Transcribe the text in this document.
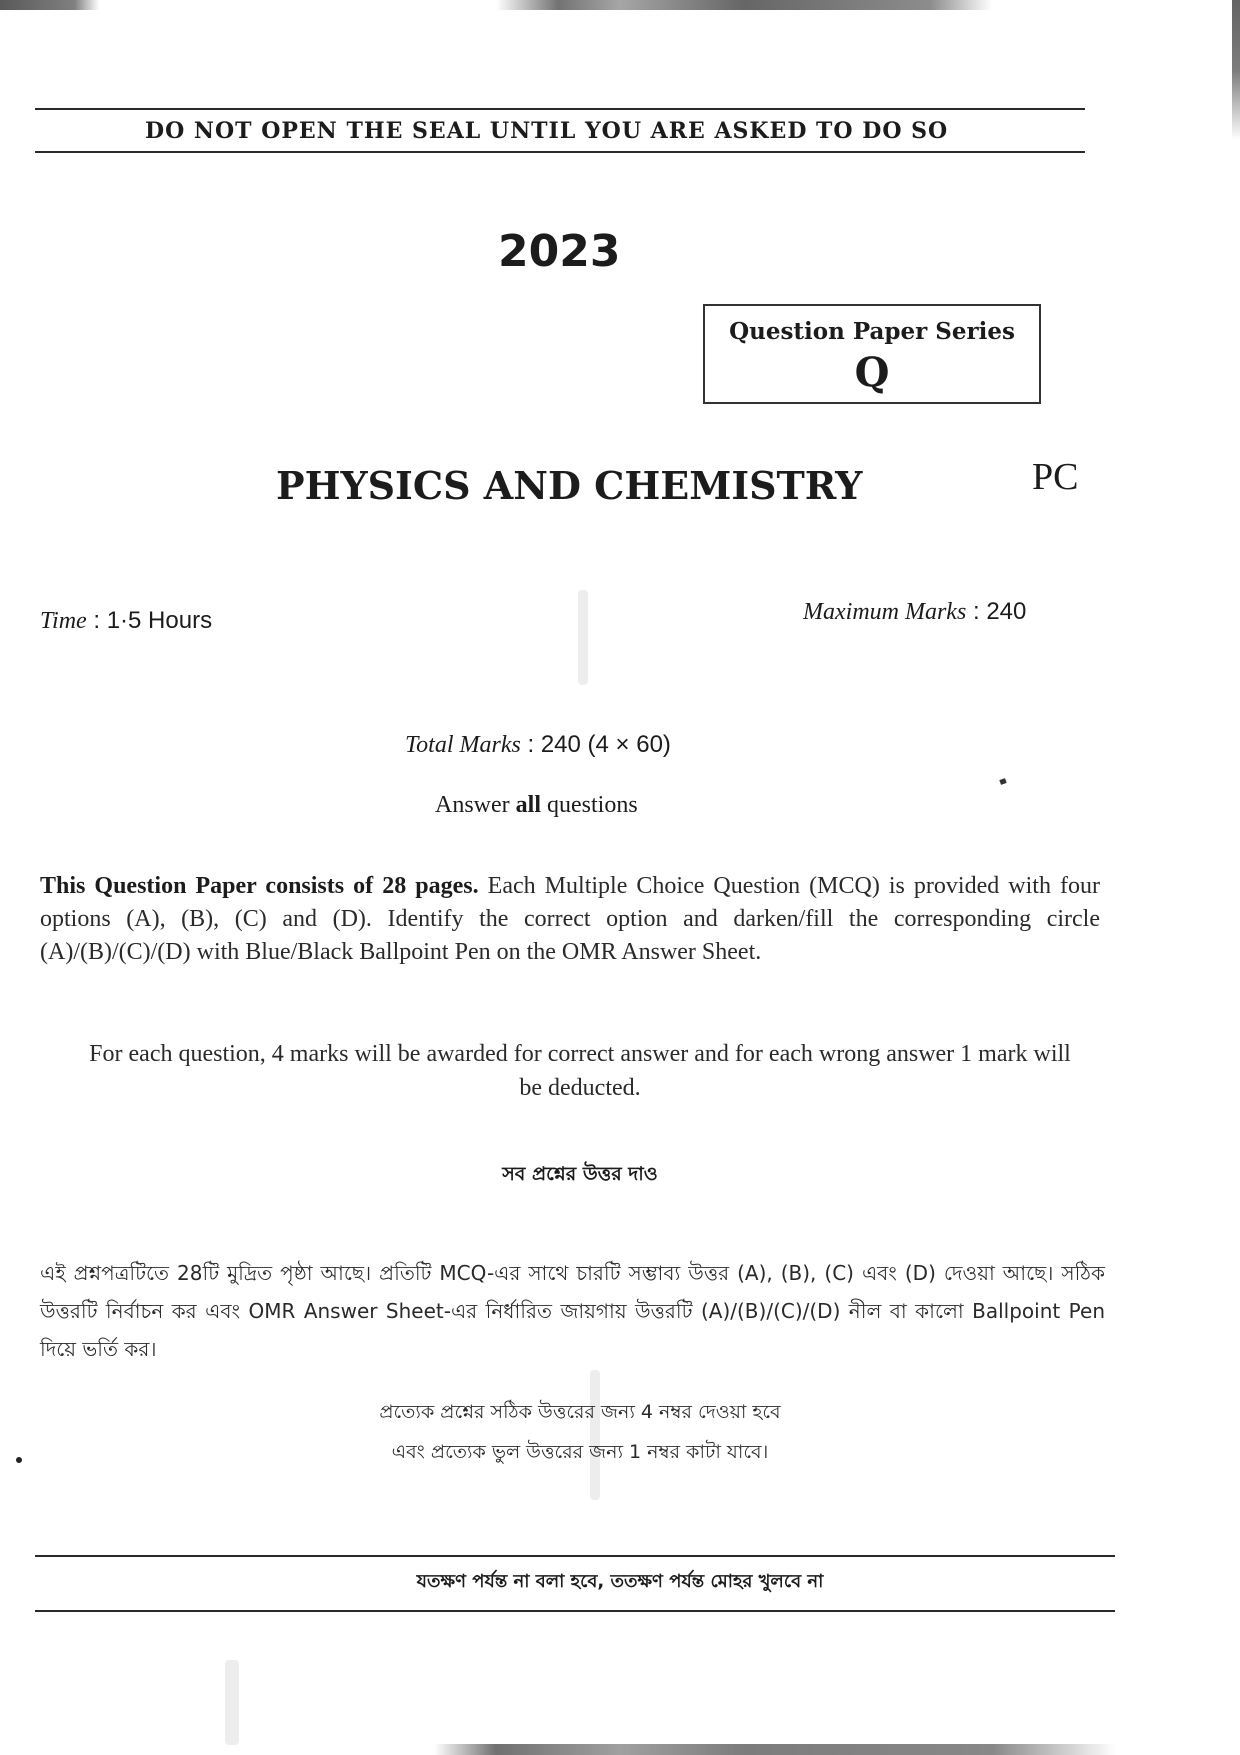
DO NOT OPEN THE SEAL UNTIL YOU ARE ASKED TO DO SO
2023
Question Paper Series
Q
PHYSICS AND CHEMISTRY	PC
Time : 1·5 Hours	Maximum Marks : 240
Total Marks : 240 (4 × 60)
Answer all questions
This Question Paper consists of 28 pages. Each Multiple Choice Question (MCQ) is provided with four options (A), (B), (C) and (D). Identify the correct option and darken/fill the corresponding circle (A)/(B)/(C)/(D) with Blue/Black Ballpoint Pen on the OMR Answer Sheet.
For each question, 4 marks will be awarded for correct answer and for each wrong answer 1 mark will be deducted.
সব প্রশ্নের উত্তর দাও
এই প্রশ্নপত্রটিতে 28টি মুদ্রিত পৃষ্ঠা আছে। প্রতিটি MCQ-এর সাথে চারটি সম্ভাব্য উত্তর (A), (B), (C) এবং (D) দেওয়া আছে। সঠিক উত্তরটি নির্বাচন কর এবং OMR Answer Sheet-এর নির্ধারিত জায়গায় উত্তরটি (A)/(B)/(C)/(D) নীল বা কালো Ballpoint Pen দিয়ে ভর্তি কর।
প্রত্যেক প্রশ্নের সঠিক উত্তরের জন্য 4 নম্বর দেওয়া হবে
এবং প্রত্যেক ভুল উত্তরের জন্য 1 নম্বর কাটা যাবে।
যতক্ষণ পর্যন্ত না বলা হবে, ততক্ষণ পর্যন্ত মোহর খুলবে না
